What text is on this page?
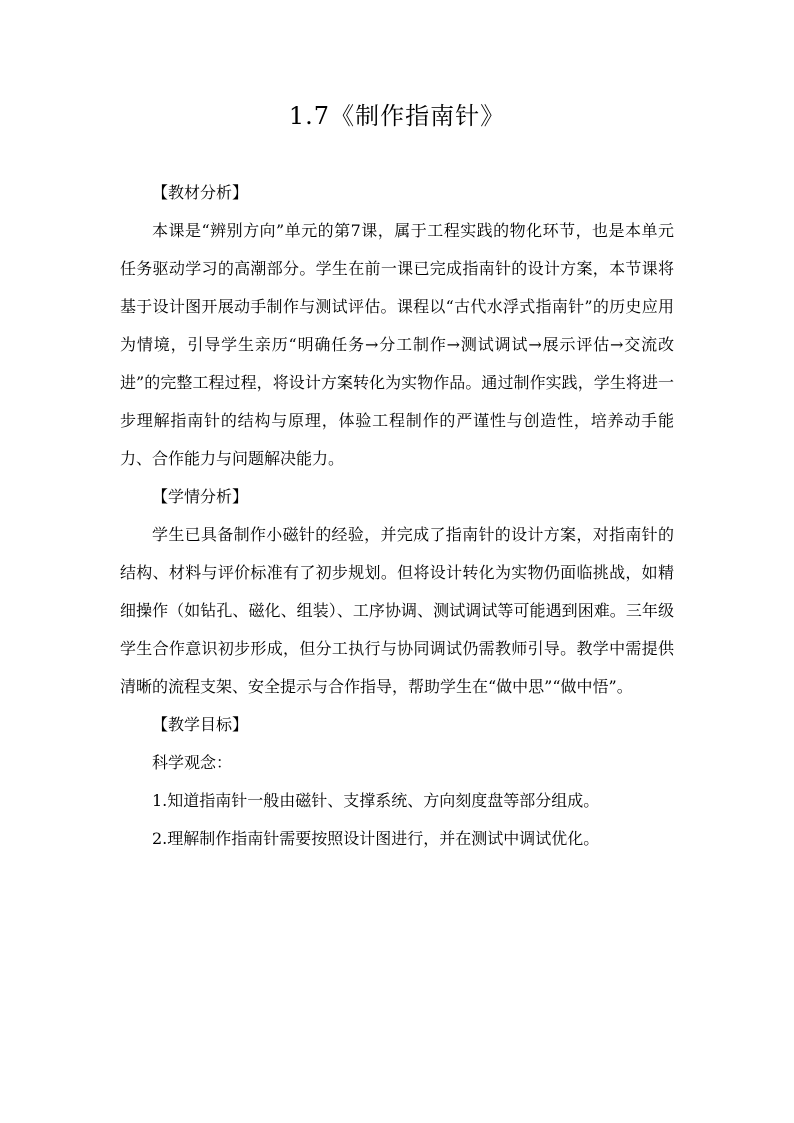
1.7《制作指南针》
【教材分析】

本课是“辨别方向”单元的第7课，属于工程实践的物化环节，也是本单元任务驱动学习的高潮部分。学生在前一课已完成指南针的设计方案，本节课将基于设计图开展动手制作与测试评估。课程以“古代水浮式指南针”的历史应用为情境，引导学生亲历“明确任务→分工制作→测试调试→展示评估→交流改进”的完整工程过程，将设计方案转化为实物作品。通过制作实践，学生将进一步理解指南针的结构与原理，体验工程制作的严谨性与创造性，培养动手能力、合作能力与问题解决能力。

【学情分析】

学生已具备制作小磁针的经验，并完成了指南针的设计方案，对指南针的结构、材料与评价标准有了初步规划。但将设计转化为实物仍面临挑战，如精细操作（如钻孔、磁化、组装）、工序协调、测试调试等可能遇到困难。三年级学生合作意识初步形成，但分工执行与协同调试仍需教师引导。教学中需提供清晰的流程支架、安全提示与合作指导，帮助学生在“做中思”“做中悟”。

【教学目标】

科学观念：

1.知道指南针一般由磁针、支撑系统、方向刻度盘等部分组成。

2.理解制作指南针需要按照设计图进行，并在测试中调试优化。
